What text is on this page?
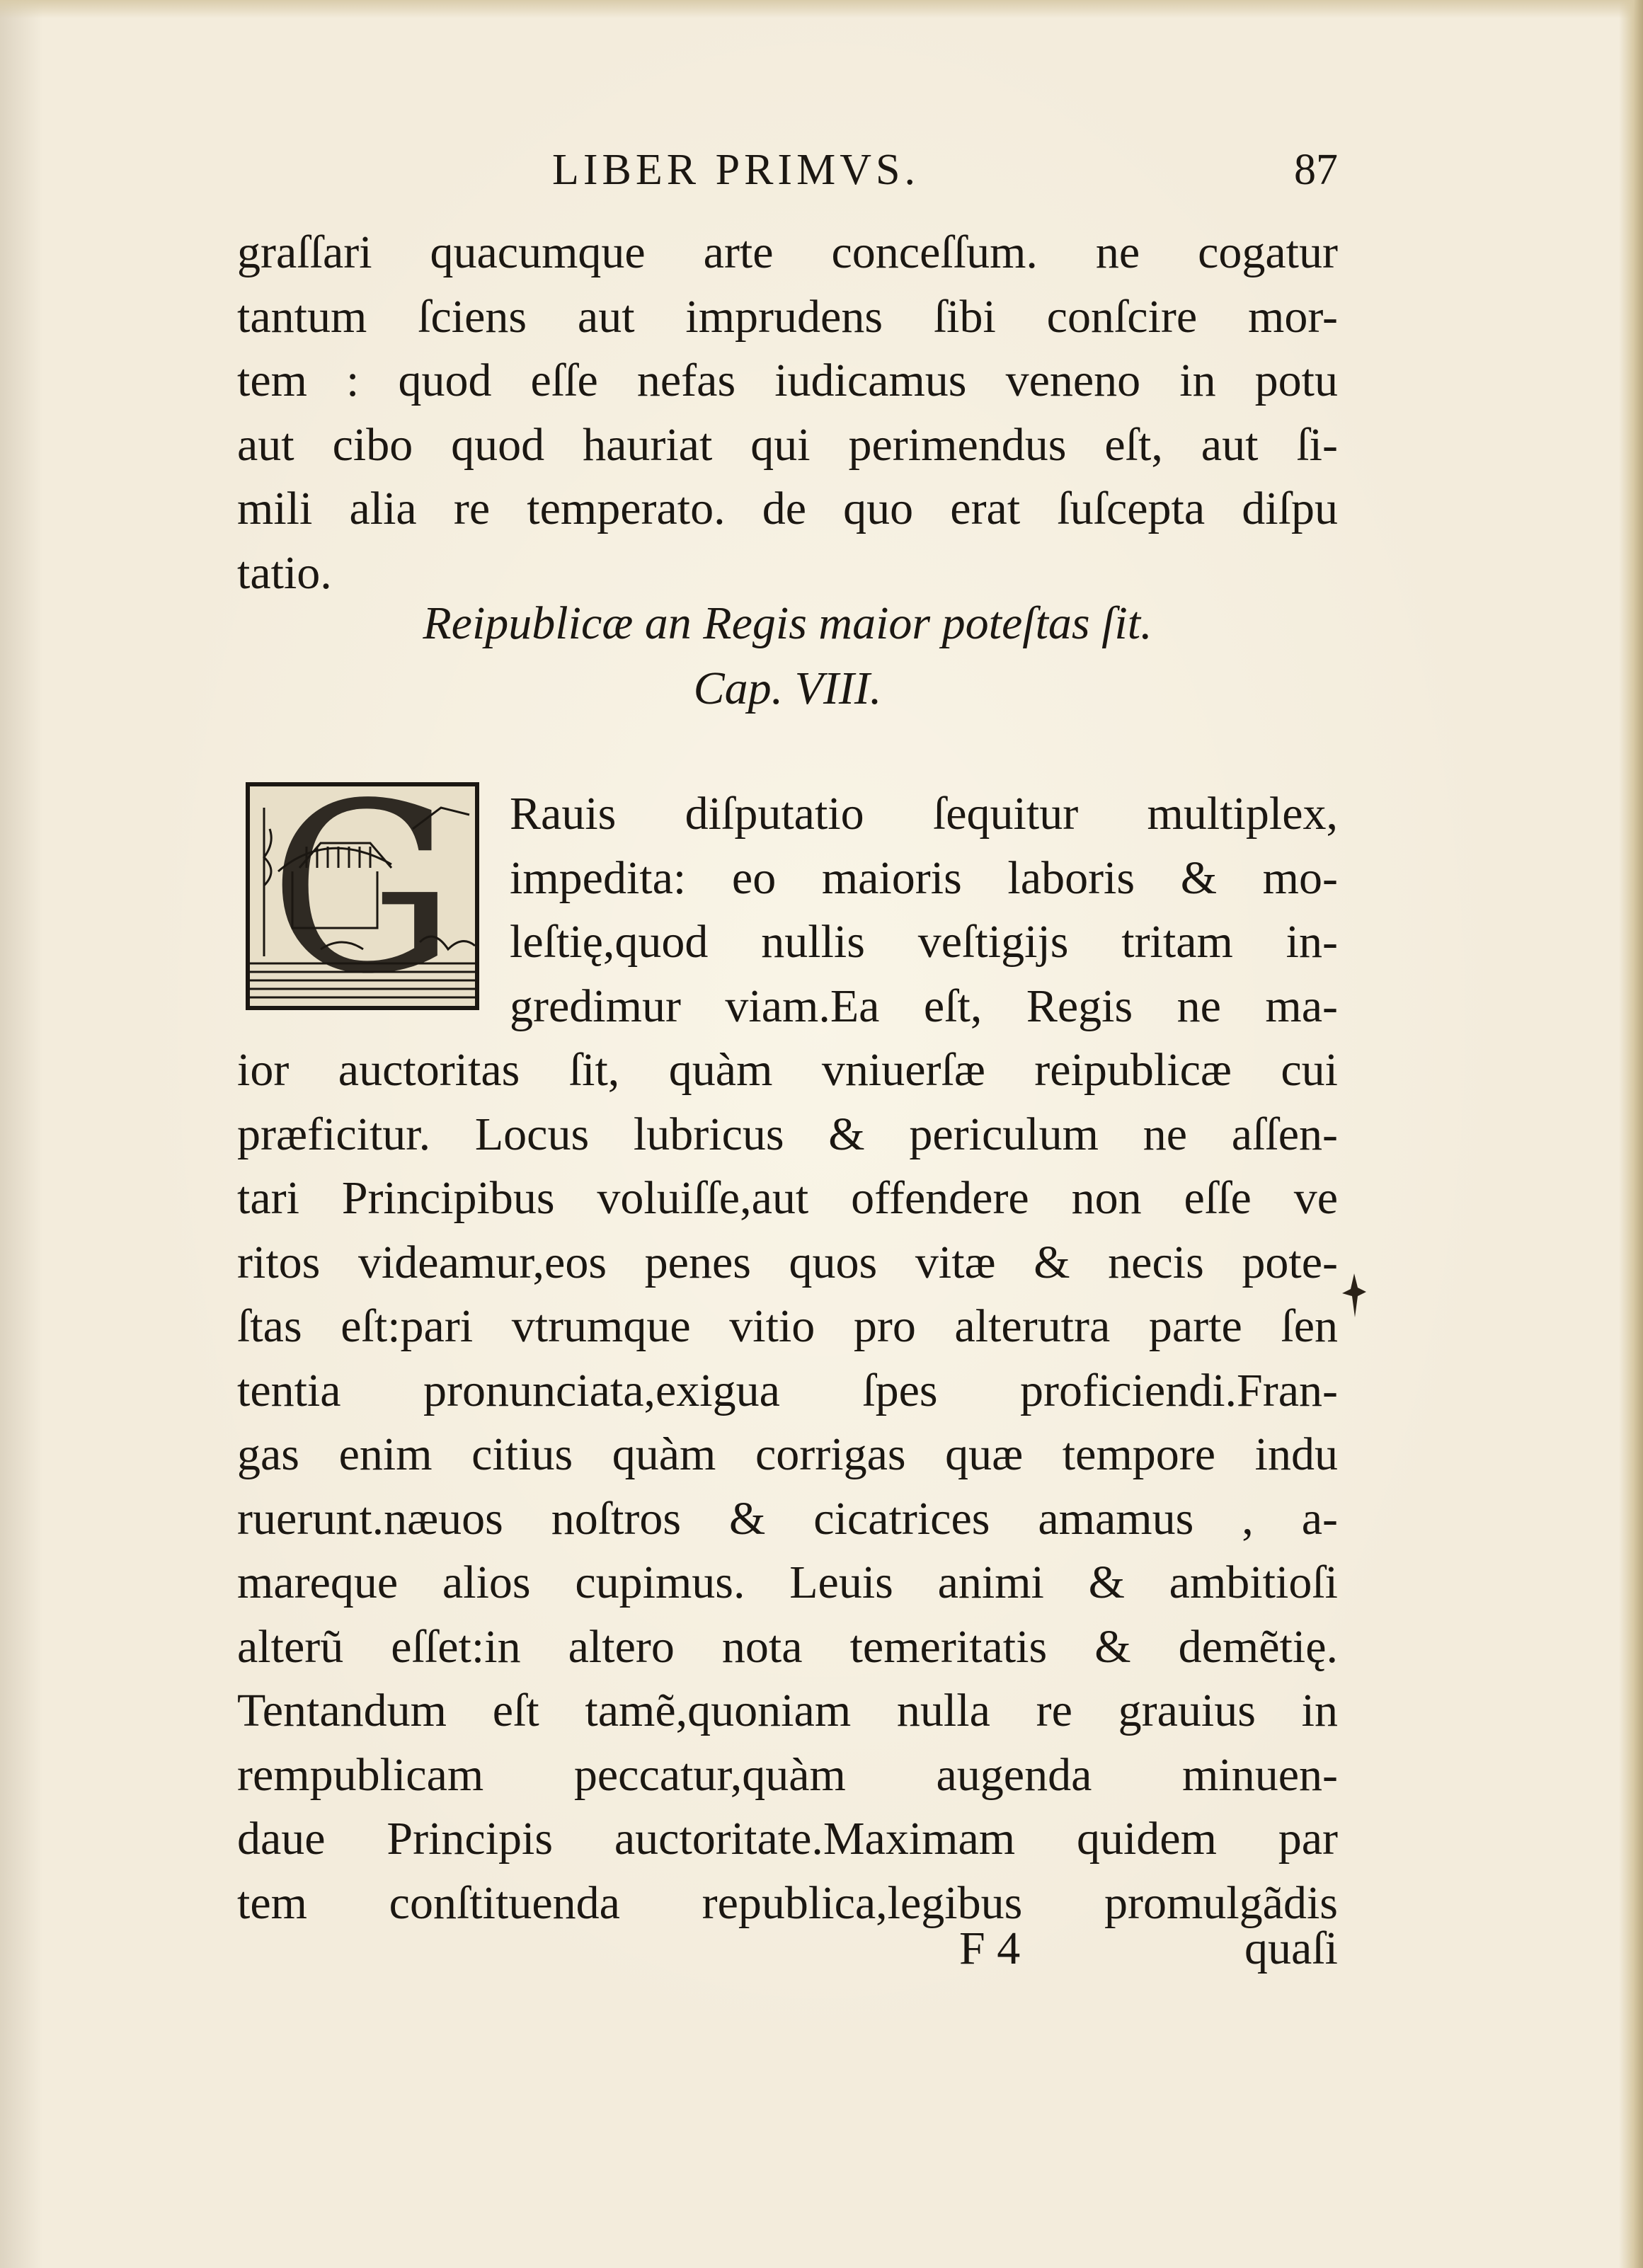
LIBER PRIMVS.	87
graſſari quacumque arte conceſſum. ne cogatur
tantum ſciens aut imprudens ſibi conſcire mor-
tem : quod eſſe nefas iudicamus veneno in potu
aut cibo quod hauriat qui perimendus eſt, aut ſi-
mili alia re temperato. de quo erat ſuſcepta diſpu
tatio.
Reipublicæ an Regis maior poteſtas ſit.
Cap. VIII.
G	Rauis diſputatio ſequitur multiplex,
impedita: eo maioris laboris & mo-
leſtię,quod nullis veſtigijs tritam in-
gredimur viam.Ea eſt, Regis ne ma-
ior auctoritas ſit, quàm vniuerſæ reipublicæ cui
præficitur. Locus lubricus & periculum ne aſſen-
tari Principibus voluiſſe,aut offendere non eſſe ve
ritos videamur,eos penes quos vitæ & necis pote-
ſtas eſt:pari vtrumque vitio pro alterutra parte ſen
tentia pronunciata,exigua ſpes proficiendi.Fran-
gas enim citius quàm corrigas quæ tempore indu
ruerunt.næuos noſtros & cicatrices amamus , a-
mareque alios cupimus. Leuis animi & ambitioſi
alterũ eſſet:in altero nota temeritatis & demẽtię.
Tentandum eſt tamẽ,quoniam nulla re grauius in
rempublicam peccatur,quàm augenda minuen-
daue Principis auctoritate.Maximam quidem par
tem conſtituenda republica,legibus promulgãdis
F 4	quaſi
